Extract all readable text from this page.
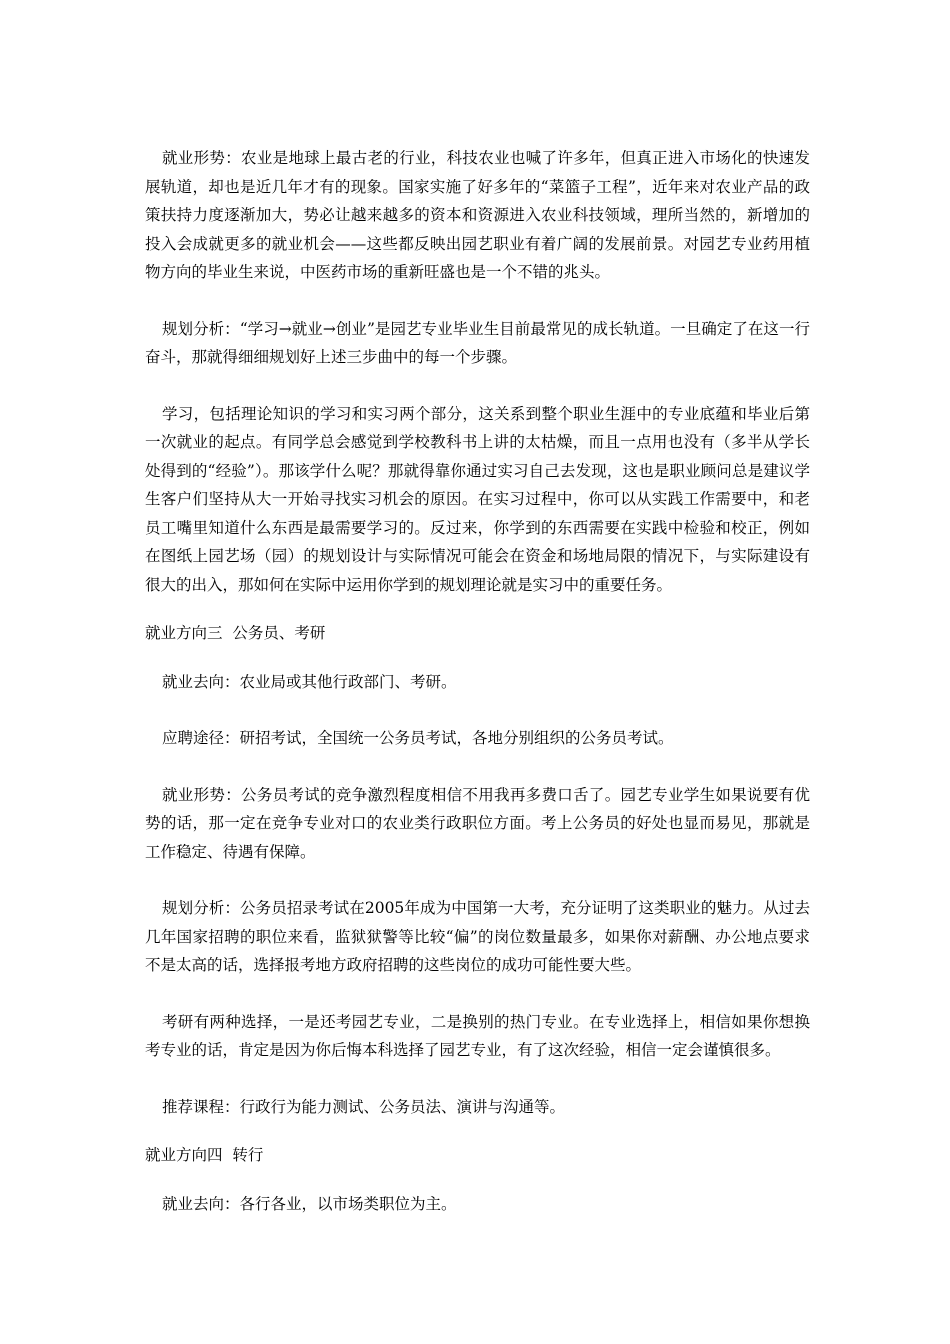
就业形势：农业是地球上最古老的行业，科技农业也喊了许多年，但真正进入市场化的快速发展轨道，却也是近几年才有的现象。国家实施了好多年的“菜篮子工程”，近年来对农业产品的政策扶持力度逐渐加大，势必让越来越多的资本和资源进入农业科技领域，理所当然的，新增加的投入会成就更多的就业机会——这些都反映出园艺职业有着广阔的发展前景。对园艺专业药用植物方向的毕业生来说，中医药市场的重新旺盛也是一个不错的兆头。

规划分析：“学习→就业→创业”是园艺专业毕业生目前最常见的成长轨道。一旦确定了在这一行奋斗，那就得细细规划好上述三步曲中的每一个步骤。

学习，包括理论知识的学习和实习两个部分，这关系到整个职业生涯中的专业底蕴和毕业后第一次就业的起点。有同学总会感觉到学校教科书上讲的太枯燥，而且一点用也没有（多半从学长处得到的“经验”）。那该学什么呢？那就得靠你通过实习自己去发现，这也是职业顾问总是建议学生客户们坚持从大一开始寻找实习机会的原因。在实习过程中，你可以从实践工作需要中，和老员工嘴里知道什么东西是最需要学习的。反过来，你学到的东西需要在实践中检验和校正，例如在图纸上园艺场（园）的规划设计与实际情况可能会在资金和场地局限的情况下，与实际建设有很大的出入，那如何在实际中运用你学到的规划理论就是实习中的重要任务。

就业方向三  公务员、考研

就业去向：农业局或其他行政部门、考研。

应聘途径：研招考试，全国统一公务员考试，各地分别组织的公务员考试。

就业形势：公务员考试的竞争激烈程度相信不用我再多费口舌了。园艺专业学生如果说要有优势的话，那一定在竞争专业对口的农业类行政职位方面。考上公务员的好处也显而易见，那就是工作稳定、待遇有保障。

规划分析：公务员招录考试在2005年成为中国第一大考，充分证明了这类职业的魅力。从过去几年国家招聘的职位来看，监狱狱警等比较“偏”的岗位数量最多，如果你对薪酬、办公地点要求不是太高的话，选择报考地方政府招聘的这些岗位的成功可能性要大些。

考研有两种选择，一是还考园艺专业，二是换别的热门专业。在专业选择上，相信如果你想换考专业的话，肯定是因为你后悔本科选择了园艺专业，有了这次经验，相信一定会谨慎很多。

推荐课程：行政行为能力测试、公务员法、演讲与沟通等。

就业方向四  转行

就业去向：各行各业，以市场类职位为主。
